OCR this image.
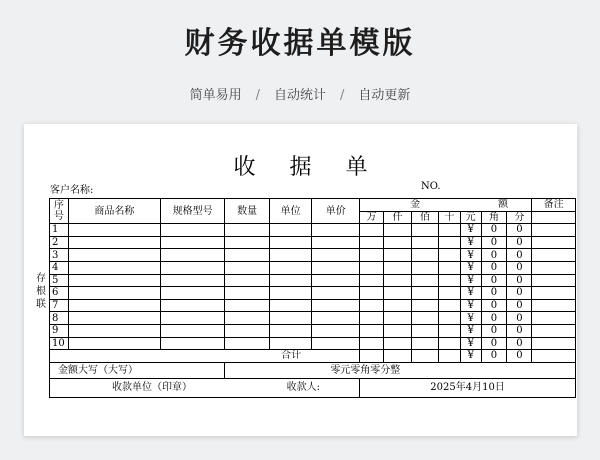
财务收据单模版
简单易用 / 自动统计 / 自动更新
收据单
客户名称:	NO.
存
根
联
序号	商品名称	规格型号	数量	单位	单价	金 额							备注
						万	仟	佰	十	元	角	分	
1										¥	0	0	
2										¥	0	0	
3										¥	0	0	
4										¥	0	0	
5										¥	0	0	
6										¥	0	0	
7										¥	0	0	
8										¥	0	0	
9										¥	0	0	
10										¥	0	0	
合计										¥	0	0	
金额大写（大写）			零元零角零分整										
收款单位（印章） 收款人:						2025年4月10日							
